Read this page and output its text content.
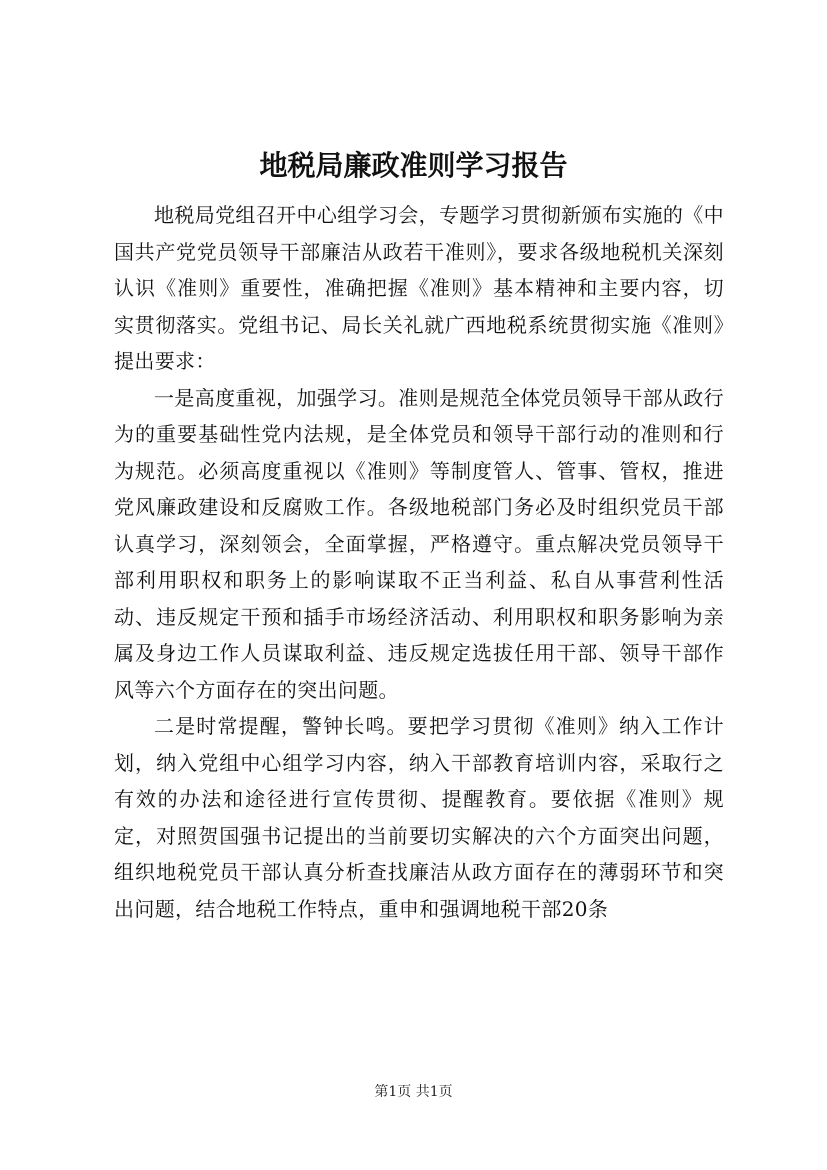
地税局廉政准则学习报告

地税局党组召开中心组学习会，专题学习贯彻新颁布实施的《中国共产党党员领导干部廉洁从政若干准则》，要求各级地税机关深刻认识《准则》重要性，准确把握《准则》基本精神和主要内容，切实贯彻落实。党组书记、局长关礼就广西地税系统贯彻实施《准则》提出要求：

一是高度重视，加强学习。准则是规范全体党员领导干部从政行为的重要基础性党内法规，是全体党员和领导干部行动的准则和行为规范。必须高度重视以《准则》等制度管人、管事、管权，推进党风廉政建设和反腐败工作。各级地税部门务必及时组织党员干部认真学习，深刻领会，全面掌握，严格遵守。重点解决党员领导干部利用职权和职务上的影响谋取不正当利益、私自从事营利性活动、违反规定干预和插手市场经济活动、利用职权和职务影响为亲属及身边工作人员谋取利益、违反规定选拔任用干部、领导干部作风等六个方面存在的突出问题。

二是时常提醒，警钟长鸣。要把学习贯彻《准则》纳入工作计划，纳入党组中心组学习内容，纳入干部教育培训内容，采取行之有效的办法和途径进行宣传贯彻、提醒教育。要依据《准则》规定，对照贺国强书记提出的当前要切实解决的六个方面突出问题，组织地税党员干部认真分析查找廉洁从政方面存在的薄弱环节和突出问题，结合地税工作特点，重申和强调地税干部20条

第1页 共1页
